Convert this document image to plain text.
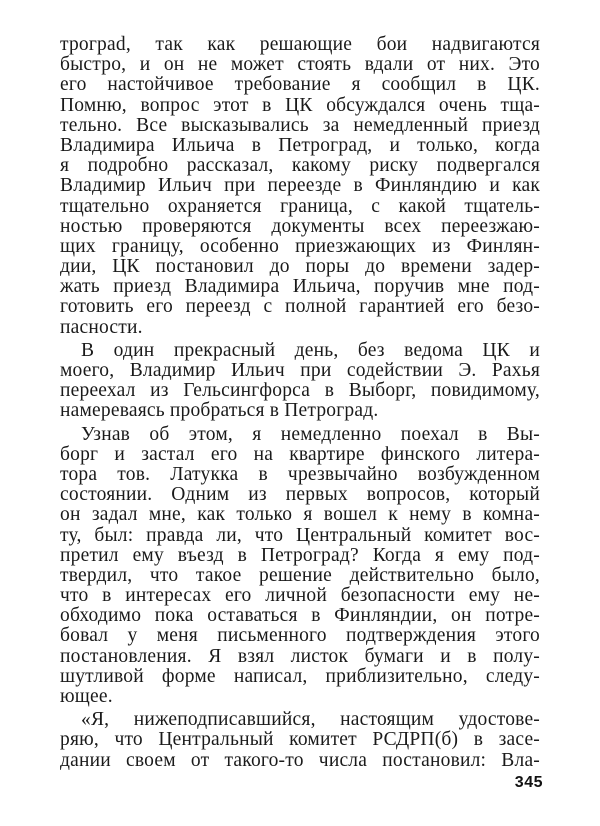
трограd, так как решающие бои надвигаются
быстро, и он не может стоять вдали от них. Это
его настойчивое требование я сообщил в ЦК.
Помню, вопрос этот в ЦК обсуждался очень тща-
тельно. Все высказывались за немедленный приезд
Владимира Ильича в Петроград, и только, когда
я подробно рассказал, какому риску подвергался
Владимир Ильич при переезде в Финляндию и как
тщательно охраняется граница, с какой тщатель-
ностью проверяются документы всех переезжаю-
щих границу, особенно приезжающих из Финлян-
дии, ЦК постановил до поры до времени задер-
жать приезд Владимира Ильича, поручив мне под-
готовить его переезд с полной гарантией его безо-
пасности.
В один прекрасный день, без ведома ЦК и
моего, Владимир Ильич при содействии Э. Рахья
переехал из Гельсингфорса в Выборг, повидимому,
намереваясь пробраться в Петроград.
Узнав об этом, я немедленно поехал в Вы-
борг и застал его на квартире финского литера-
тора тов. Латукка в чрезвычайно возбужденном
состоянии. Одним из первых вопросов, который
он задал мне, как только я вошел к нему в комна-
ту, был: правда ли, что Центральный комитет вос-
претил ему въезд в Петроград? Когда я ему под-
твердил, что такое решение действительно было,
что в интересах его личной безопасности ему не-
обходимо пока оставаться в Финляндии, он потре-
бовал у меня письменного подтверждения этого
постановления. Я взял листок бумаги и в полу-
шутливой форме написал, приблизительно, следу-
ющее.
«Я, нижеподписавшийся, настоящим удостове-
ряю, что Центральный комитет РСДРП(б) в засе-
дании своем от такого-то числа постановил: Вла-
345
